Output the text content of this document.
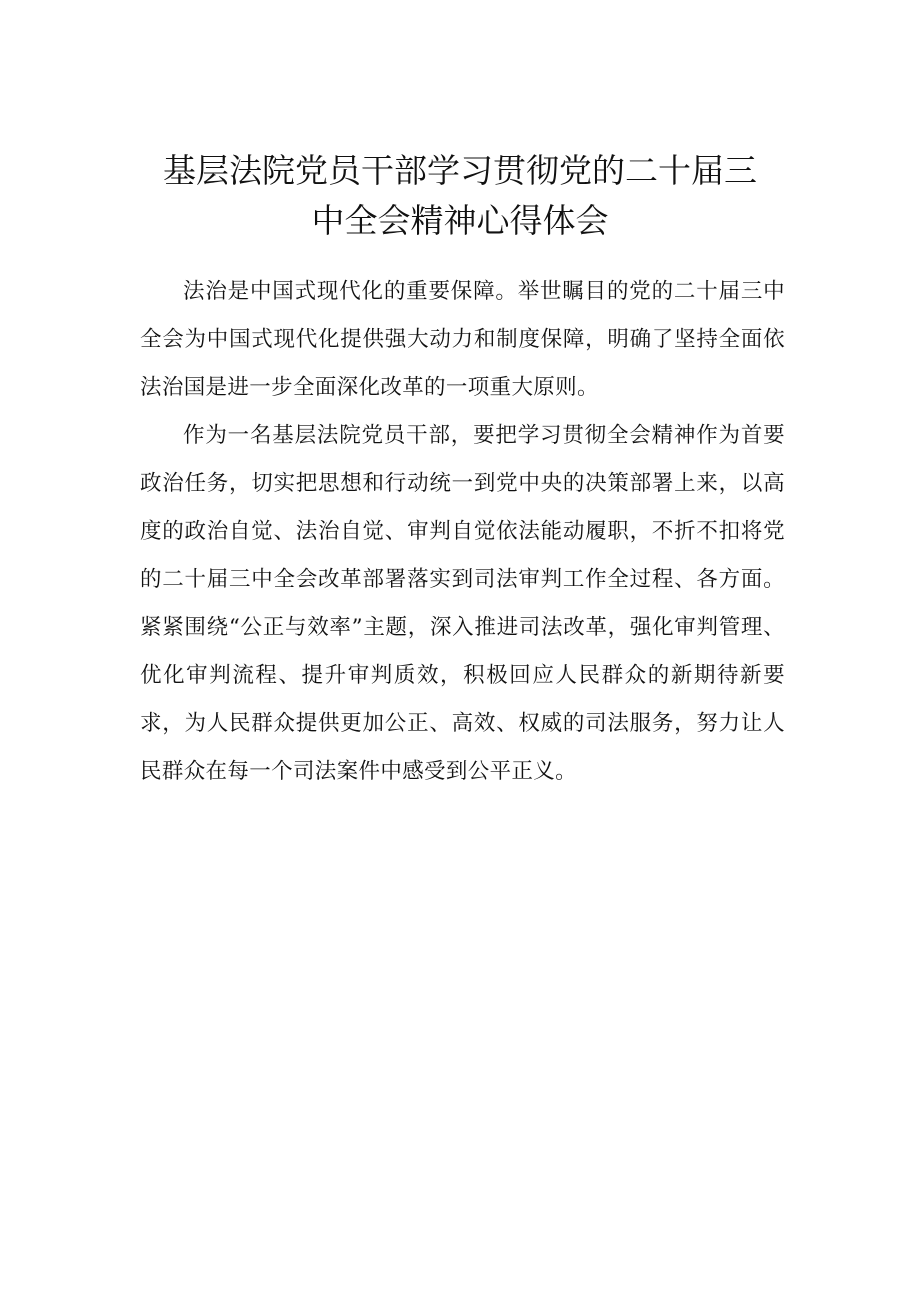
基层法院党员干部学习贯彻党的二十届三
中全会精神心得体会

法治是中国式现代化的重要保障。举世瞩目的党的二十届三中全会为中国式现代化提供强大动力和制度保障，明确了坚持全面依法治国是进一步全面深化改革的一项重大原则。

作为一名基层法院党员干部，要把学习贯彻全会精神作为首要政治任务，切实把思想和行动统一到党中央的决策部署上来，以高度的政治自觉、法治自觉、审判自觉依法能动履职，不折不扣将党的二十届三中全会改革部署落实到司法审判工作全过程、各方面。紧紧围绕“公正与效率”主题，深入推进司法改革，强化审判管理、优化审判流程、提升审判质效，积极回应人民群众的新期待新要求，为人民群众提供更加公正、高效、权威的司法服务，努力让人民群众在每一个司法案件中感受到公平正义。
